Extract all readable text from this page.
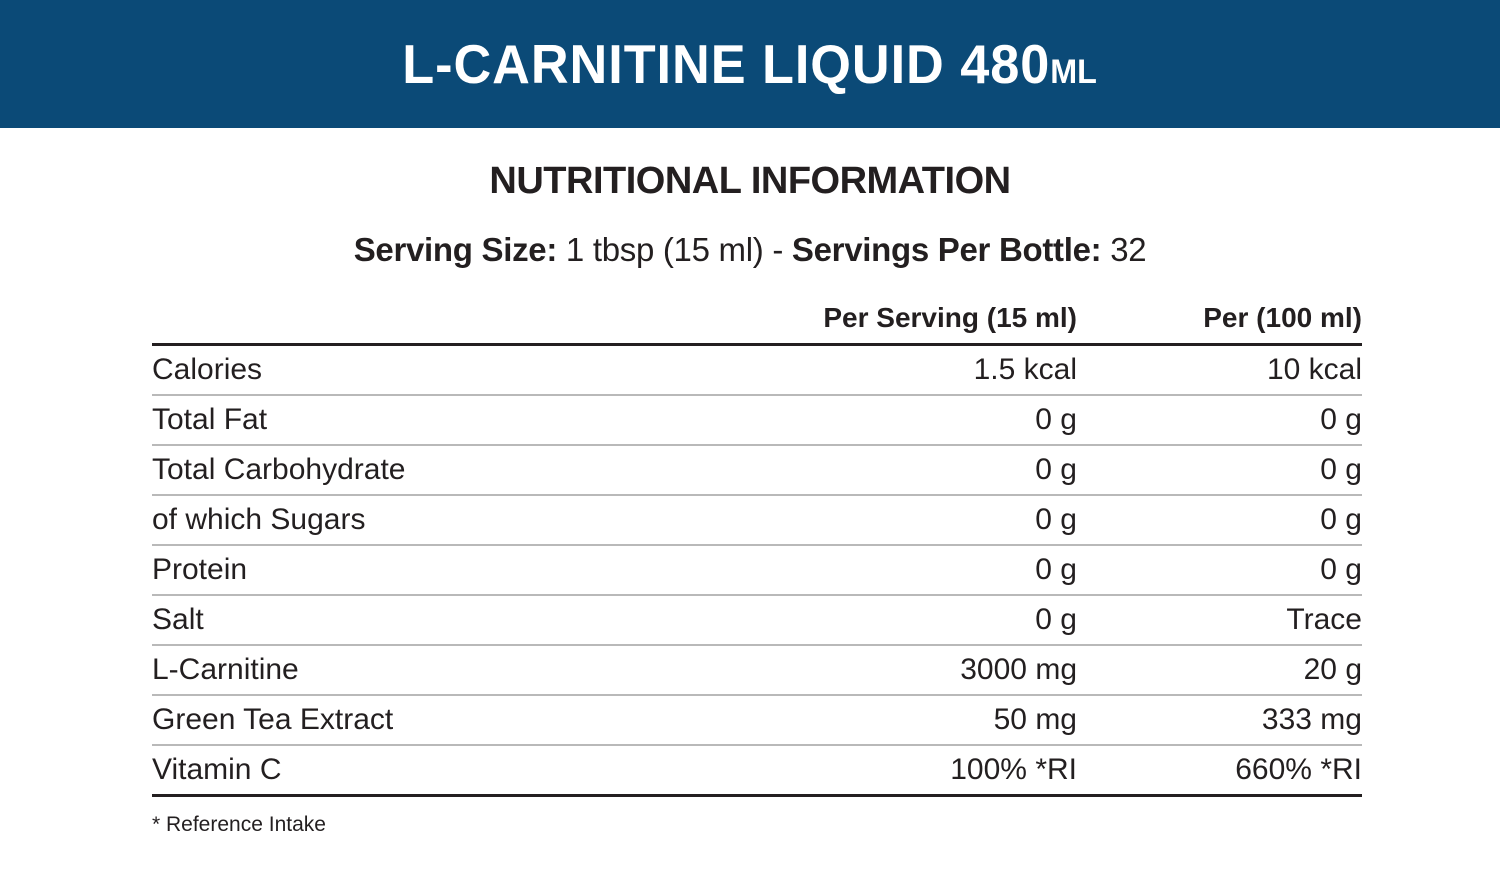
L-CARNITINE LIQUID 480ML
NUTRITIONAL INFORMATION
Serving Size: 1 tbsp (15 ml) - Servings Per Bottle: 32
	Per Serving (15 ml)	Per (100 ml)
Calories	1.5 kcal	10 kcal
Total Fat	0 g	0 g
Total Carbohydrate	0 g	0 g
of which Sugars	0 g	0 g
Protein	0 g	0 g
Salt	0 g	Trace
L-Carnitine	3000 mg	20 g
Green Tea Extract	50 mg	333 mg
Vitamin C	100% *RI	660% *RI
* Reference Intake
